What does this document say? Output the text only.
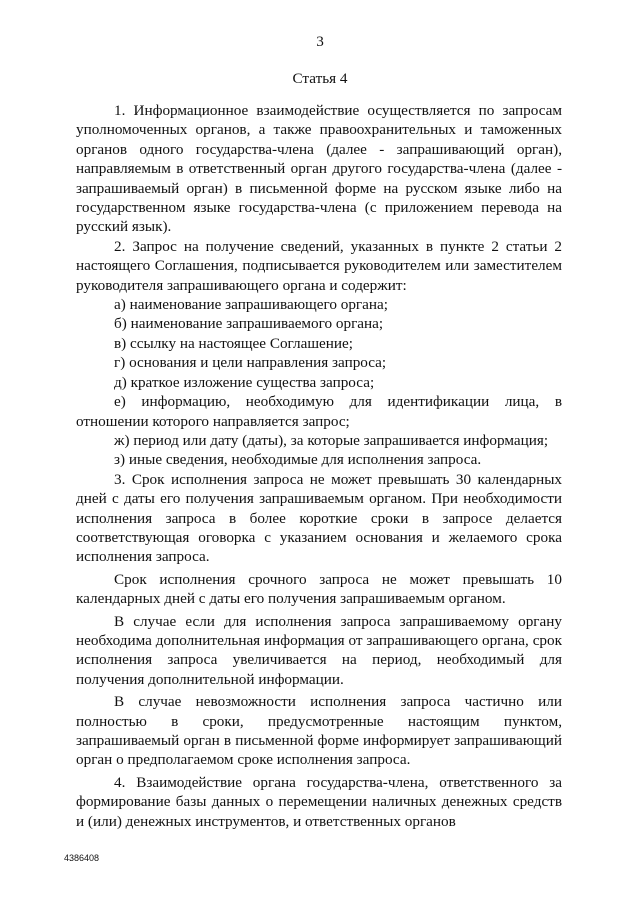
3
Статья 4

1. Информационное взаимодействие осуществляется по запросам уполномоченных органов, а также правоохранительных и таможенных органов одного государства-члена (далее - запрашивающий орган), направляемым в ответственный орган другого государства-члена (далее - запрашиваемый орган) в письменной форме на русском языке либо на государственном языке государства-члена (с приложением перевода на русский язык).

2. Запрос на получение сведений, указанных в пункте 2 статьи 2 настоящего Соглашения, подписывается руководителем или заместителем руководителя запрашивающего органа и содержит:

а) наименование запрашивающего органа;

б) наименование запрашиваемого органа;

в) ссылку на настоящее Соглашение;

г) основания и цели направления запроса;

д) краткое изложение существа запроса;

е) информацию, необходимую для идентификации лица, в отношении которого направляется запрос;

ж) период или дату (даты), за которые запрашивается информация;

з) иные сведения, необходимые для исполнения запроса.

3. Срок исполнения запроса не может превышать 30 календарных дней с даты его получения запрашиваемым органом. При необходимости исполнения запроса в более короткие сроки в запросе делается соответствующая оговорка с указанием основания и желаемого срока исполнения запроса.

Срок исполнения срочного запроса не может превышать 10 календарных дней с даты его получения запрашиваемым органом.

В случае если для исполнения запроса запрашиваемому органу необходима дополнительная информация от запрашивающего органа, срок исполнения запроса увеличивается на период, необходимый для получения дополнительной информации.

В случае невозможности исполнения запроса частично или полностью в сроки, предусмотренные настоящим пунктом, запрашиваемый орган в письменной форме информирует запрашивающий орган о предполагаемом сроке исполнения запроса.

4. Взаимодействие органа государства-члена, ответственного за формирование базы данных о перемещении наличных денежных средств и (или) денежных инструментов, и ответственных органов

4386408
